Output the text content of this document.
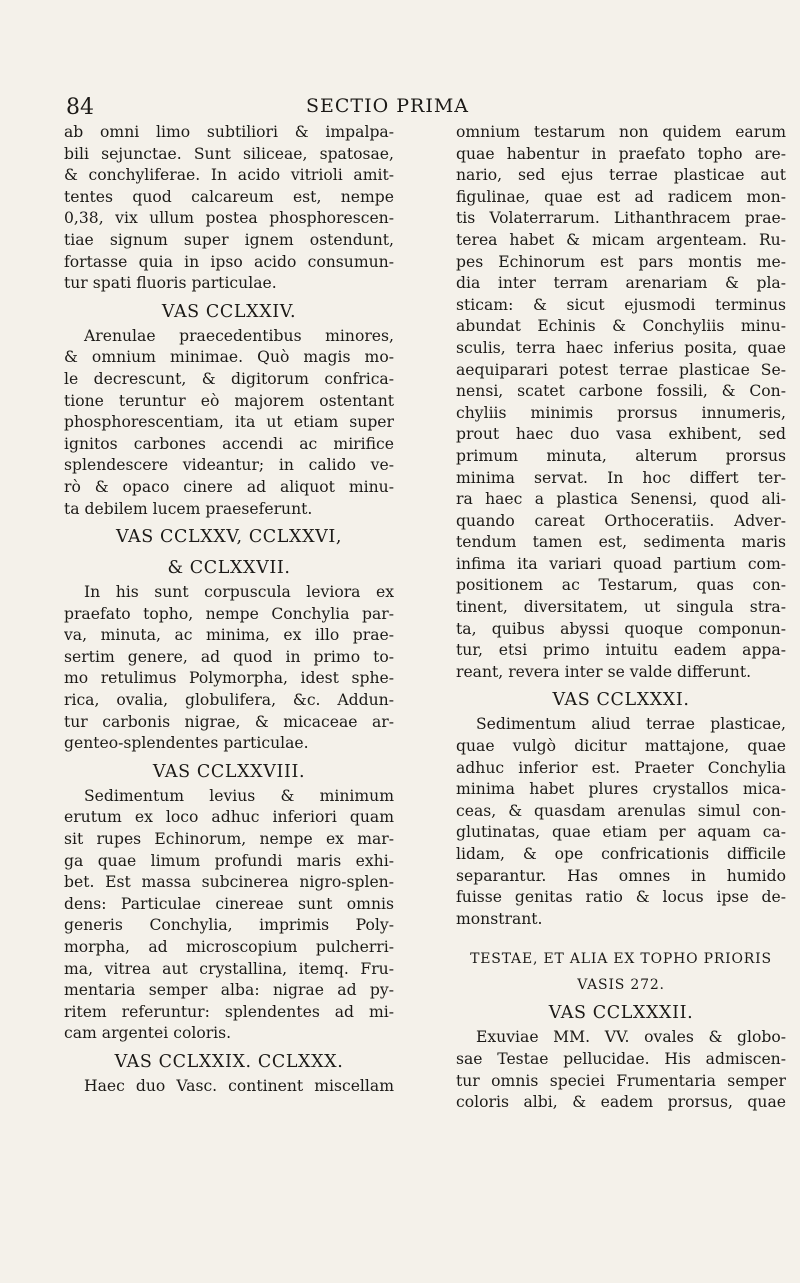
84	SECTIO PRIMA
ab omni limo subtiliori & impalpa-
bili sejunctae. Sunt siliceae, spatosae,
& conchyliferae. In acido vitrioli amit-
tentes quod calcareum est, nempe
0,38, vix ullum postea phosphorescen-
tiae signum super ignem ostendunt,
fortasse quia in ipso acido consumun-
tur spati fluoris particulae.
VAS CCLXXIV.
Arenulae praecedentibus minores,
& omnium minimae. Quò magis mo-
le decrescunt, & digitorum confrica-
tione teruntur eò majorem ostentant
phosphorescentiam, ita ut etiam super
ignitos carbones accendi ac mirifice
splendescere videantur; in calido ve-
rò & opaco cinere ad aliquot minu-
ta debilem lucem praeseferunt.
VAS CCLXXV, CCLXXVI,
& CCLXXVII.
In his sunt corpuscula leviora ex
praefato topho, nempe Conchylia par-
va, minuta, ac minima, ex illo prae-
sertim genere, ad quod in primo to-
mo retulimus Polymorpha, idest sphe-
rica, ovalia, globulifera, &c. Addun-
tur carbonis nigrae, & micaceae ar-
genteo-splendentes particulae.
VAS CCLXXVIII.
Sedimentum levius & minimum
erutum ex loco adhuc inferiori quam
sit rupes Echinorum, nempe ex mar-
ga quae limum profundi maris exhi-
bet. Est massa subcinerea nigro-splen-
dens: Particulae cinereae sunt omnis
generis Conchylia, imprimis Poly-
morpha, ad microscopium pulcherri-
ma, vitrea aut crystallina, itemq. Fru-
mentaria semper alba: nigrae ad py-
ritem referuntur: splendentes ad mi-
cam argentei coloris.
VAS CCLXXIX. CCLXXX.
Haec duo Vasc. continent miscellam
omnium testarum non quidem earum
quae habentur in praefato topho are-
nario, sed ejus terrae plasticae aut
figulinae, quae est ad radicem mon-
tis Volaterrarum. Lithanthracem prae-
terea habet & micam argenteam. Ru-
pes Echinorum est pars montis me-
dia inter terram arenariam & pla-
sticam: & sicut ejusmodi terminus
abundat Echinis & Conchyliis minu-
sculis, terra haec inferius posita, quae
aequiparari potest terrae plasticae Se-
nensi, scatet carbone fossili, & Con-
chyliis minimis prorsus innumeris,
prout haec duo vasa exhibent, sed
primum minuta, alterum prorsus
minima servat. In hoc differt ter-
ra haec a plastica Senensi, quod ali-
quando careat Orthoceratiis. Adver-
tendum tamen est, sedimenta maris
infima ita variari quoad partium com-
positionem ac Testarum, quas con-
tinent, diversitatem, ut singula stra-
ta, quibus abyssi quoque componun-
tur, etsi primo intuitu eadem appa-
reant, revera inter se valde differunt.
VAS CCLXXXI.
Sedimentum aliud terrae plasticae,
quae vulgò dicitur mattajone, quae
adhuc inferior est. Praeter Conchylia
minima habet plures crystallos mica-
ceas, & quasdam arenulas simul con-
glutinatas, quae etiam per aquam ca-
lidam, & ope confricationis difficile
separantur. Has omnes in humido
fuisse genitas ratio & locus ipse de-
monstrant.
TESTAE, ET ALIA EX TOPHO PRIORIS
VASIS 272.
VAS CCLXXXII.
Exuviae MM. VV. ovales & globo-
sae Testae pellucidae. His admiscen-
tur omnis speciei Frumentaria semper
coloris albi, & eadem prorsus, quae
